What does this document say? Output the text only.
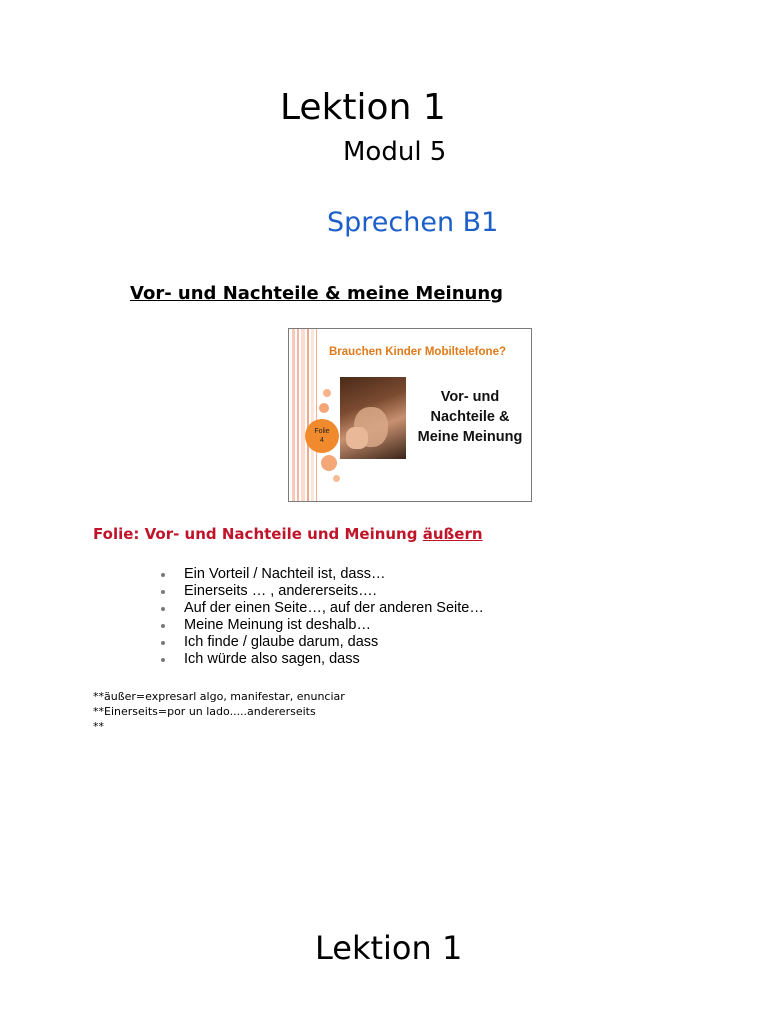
Lektion 1
Modul 5
Sprechen B1
Vor- und Nachteile & meine Meinung
Brauchen Kinder Mobiltelefone?
Vor- und
Nachteile &
Meine Meinung
Folie
4
Folie: Vor- und Nachteile und Meinung äußern
Ein Vorteil / Nachteil ist, dass…
Einerseits … , andererseits….
Auf der einen Seite…, auf der anderen Seite…
Meine Meinung ist deshalb…
Ich finde / glaube darum, dass
Ich würde also sagen, dass
**äußer=expresarl algo, manifestar, enunciar
**Einerseits=por un lado.....andererseits
**
Lektion 1
